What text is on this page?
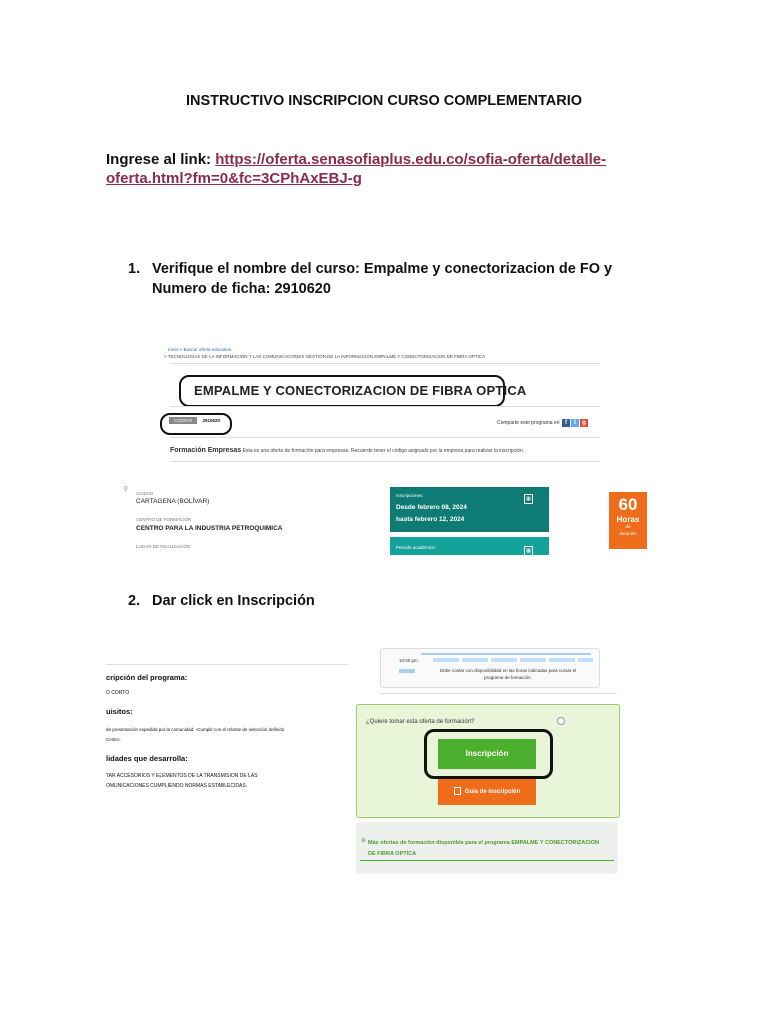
INSTRUCTIVO INSCRIPCION CURSO COMPLEMENTARIO
Ingrese al link: https://oferta.senasofiaplus.edu.co/sofia-oferta/detalle-oferta.html?fm=0&fc=3CPhAxEBJ-g
1. Verifique el nombre del curso: Empalme y conectorizacion de FO y Numero de ficha: 2910620
Inicio > Buscar oferta educativa
> TECNOLOGÍAS DE LA INFORMACIÓN Y LAS COMUNICACIONES GESTIÓN DE LA INFORMACIÓN EMPALME Y CONECTORIZACION DE FIBRA OPTICA
EMPALME Y CONECTORIZACION DE FIBRA OPTICA
CÓDIGO 2910620	Comparte este programa en f t g
Formación Empresas Esta es una oferta de formación para empresas. Recuerde tener el código asignado por la empresa para realizar la inscripción.
⚲
CIUDAD
CARTAGENA (BOLÍVAR)
CENTRO DE FORMACIÓN
CENTRO PARA LA INDUSTRIA PETROQUIMICA
LUGAR DE REALIZACIÓN
Inscripciones:
Desde febrero 08, 2024
hasta febrero 12, 2024
▦
Periodo académico:
▦
60
Horas
de
duración
2. Dar click en Inscripción
cripción del programa:
O CORTO
uisitos:
de presentación expedida por la comunidad. -Cumplir con el trámite de selección definido
Centro.
lidades que desarrolla:
TAR ACCESORIOS Y ELEMENTOS DE LA TRANSMISION DE LAS
OMUNICACIONES CUMPLIENDO NORMAS ESTABLECIDAS.
10:00 pm
Debe contar con disponibilidad en las horas indicadas para cursar el programa de formación.
¿Quiere tomar esta oferta de formación?
Inscripción
Guía de inscripción
⊕ Más ofertas de formación disponible para el programa EMPALME Y CONECTORIZACION DE FIBRA OPTICA
